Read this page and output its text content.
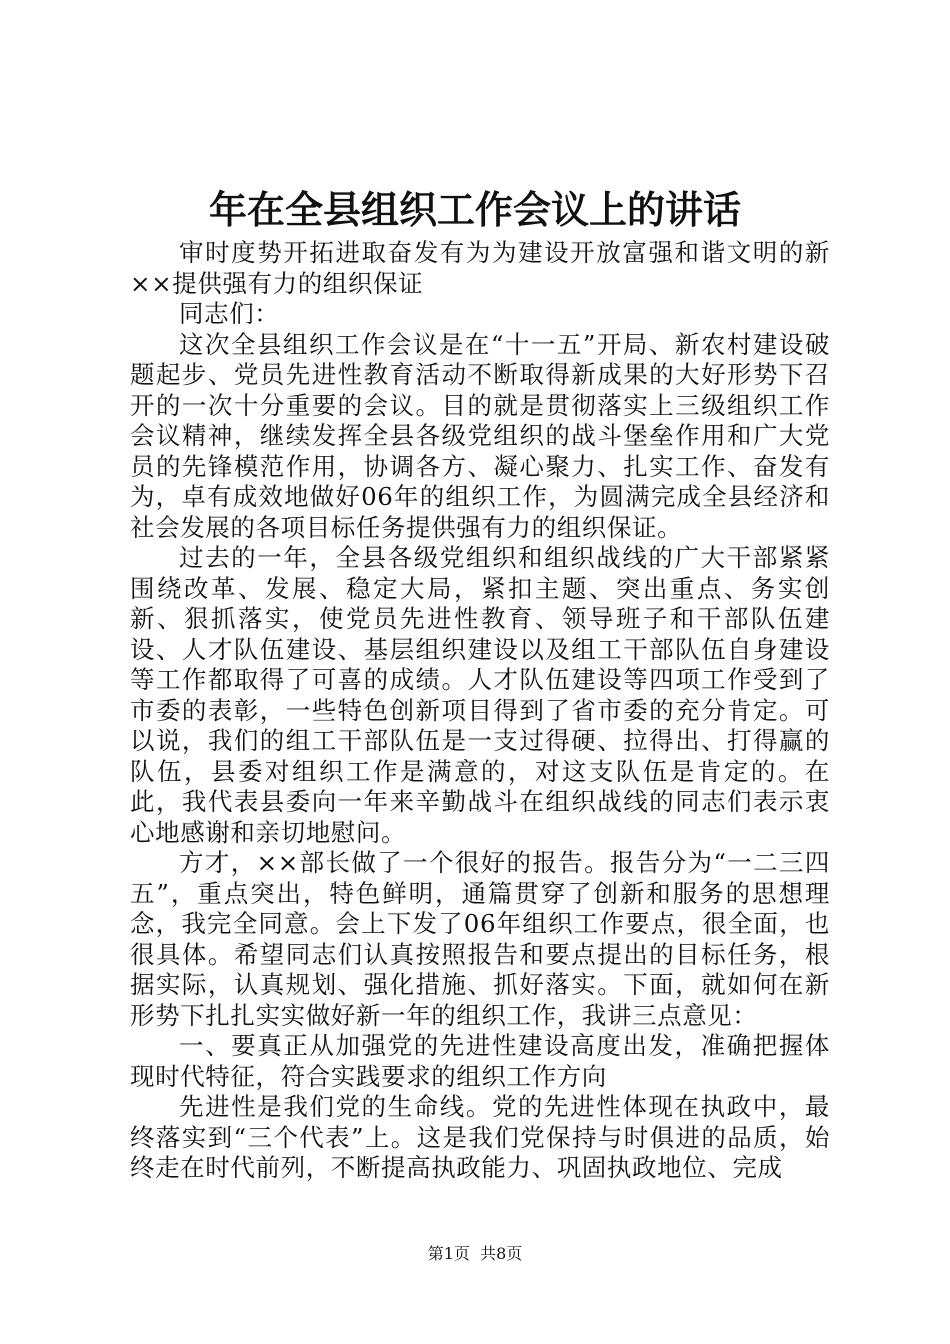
年在全县组织工作会议上的讲话

审时度势开拓进取奋发有为为建设开放富强和谐文明的新××提供强有力的组织保证

同志们：

这次全县组织工作会议是在“十一五”开局、新农村建设破题起步、党员先进性教育活动不断取得新成果的大好形势下召开的一次十分重要的会议。目的就是贯彻落实上三级组织工作会议精神，继续发挥全县各级党组织的战斗堡垒作用和广大党员的先锋模范作用，协调各方、凝心聚力、扎实工作、奋发有为，卓有成效地做好06年的组织工作，为圆满完成全县经济和社会发展的各项目标任务提供强有力的组织保证。

过去的一年，全县各级党组织和组织战线的广大干部紧紧围绕改革、发展、稳定大局，紧扣主题、突出重点、务实创新、狠抓落实，使党员先进性教育、领导班子和干部队伍建设、人才队伍建设、基层组织建设以及组工干部队伍自身建设等工作都取得了可喜的成绩。人才队伍建设等四项工作受到了市委的表彰，一些特色创新项目得到了省市委的充分肯定。可以说，我们的组工干部队伍是一支过得硬、拉得出、打得赢的队伍，县委对组织工作是满意的，对这支队伍是肯定的。在此，我代表县委向一年来辛勤战斗在组织战线的同志们表示衷心地感谢和亲切地慰问。

方才，××部长做了一个很好的报告。报告分为“一二三四五”，重点突出，特色鲜明，通篇贯穿了创新和服务的思想理念，我完全同意。会上下发了06年组织工作要点，很全面，也很具体。希望同志们认真按照报告和要点提出的目标任务，根据实际，认真规划、强化措施、抓好落实。下面，就如何在新形势下扎扎实实做好新一年的组织工作，我讲三点意见：

一、要真正从加强党的先进性建设高度出发，准确把握体现时代特征，符合实践要求的组织工作方向

先进性是我们党的生命线。党的先进性体现在执政中，最终落实到“三个代表”上。这是我们党保持与时俱进的品质，始终走在时代前列，不断提高执政能力、巩固执政地位、完成

第1页 共8页
